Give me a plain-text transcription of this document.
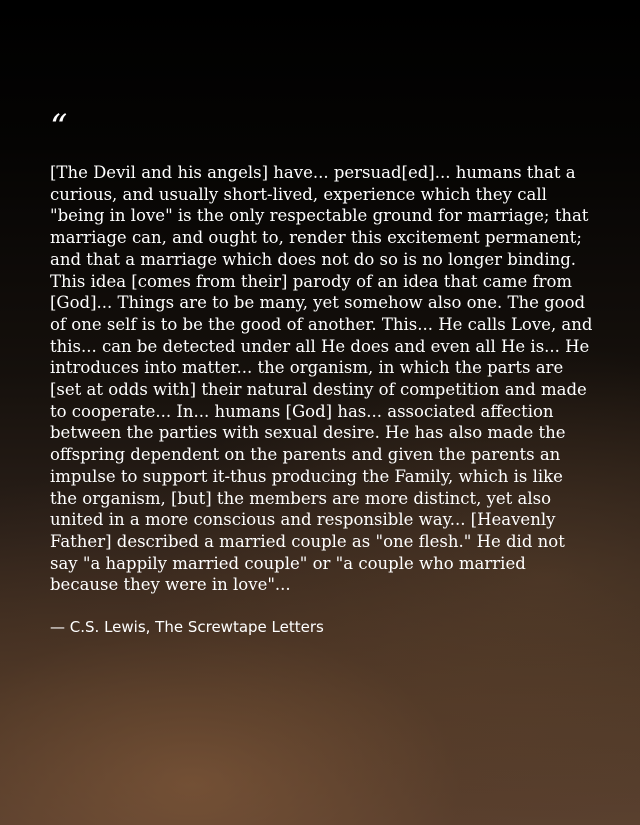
“

[The Devil and his angels] have... persuad[ed]... humans that a curious, and usually short-lived, experience which they call "being in love" is the only respectable ground for marriage; that marriage can, and ought to, render this excitement permanent; and that a marriage which does not do so is no longer binding. This idea [comes from their] parody of an idea that came from [God]... Things are to be many, yet somehow also one. The good of one self is to be the good of another. This... He calls Love, and this... can be detected under all He does and even all He is... He introduces into matter... the organism, in which the parts are [set at odds with] their natural destiny of competition and made to cooperate... In... humans [God] has... associated affection between the parties with sexual desire. He has also made the offspring dependent on the parents and given the parents an impulse to support it-thus producing the Family, which is like the organism, [but] the members are more distinct, yet also united in a more conscious and responsible way... [Heavenly Father] described a married couple as "one flesh." He did not say "a happily married couple" or "a couple who married because they were in love"...

— C.S. Lewis, The Screwtape Letters
